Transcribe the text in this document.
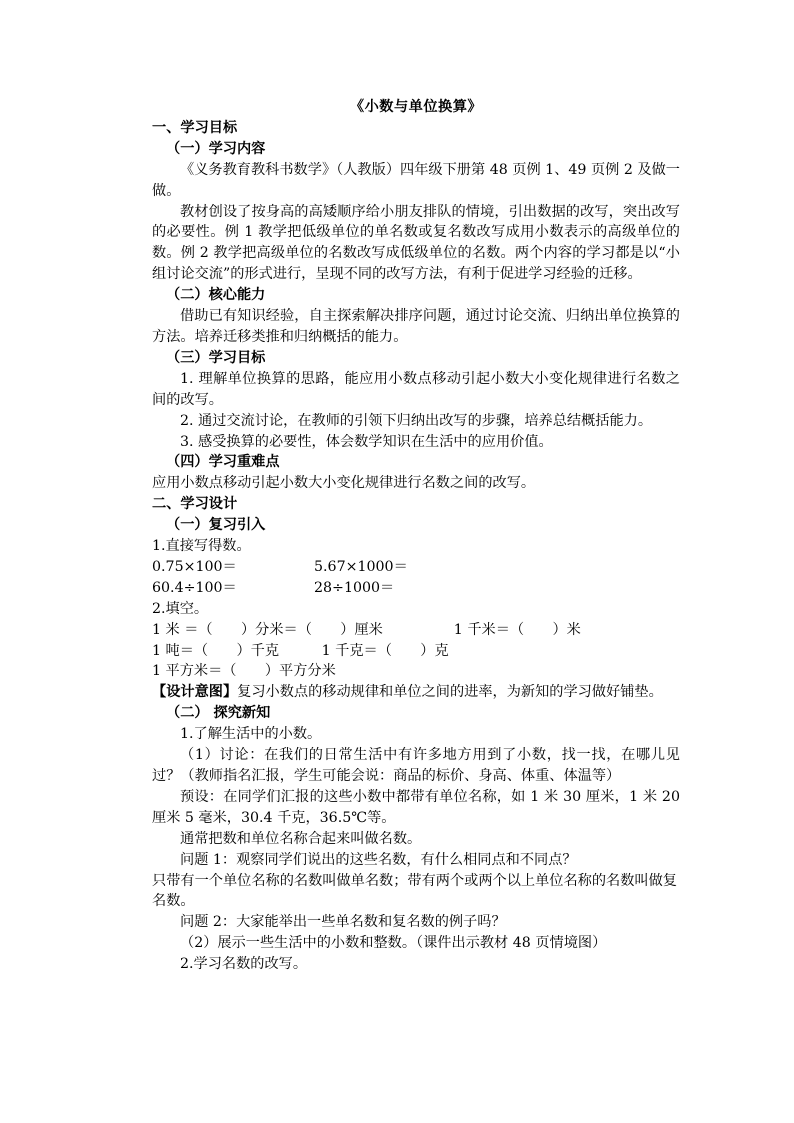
《小数与单位换算》

一、学习目标

（一）学习内容

《义务教育教科书数学》（人教版）四年级下册第 48 页例 1、49 页例 2 及做一做。

教材创设了按身高的高矮顺序给小朋友排队的情境，引出数据的改写，突出改写的必要性。例 1 教学把低级单位的单名数或复名数改写成用小数表示的高级单位的数。例 2 教学把高级单位的名数改写成低级单位的名数。两个内容的学习都是以“小组讨论交流”的形式进行，呈现不同的改写方法，有利于促进学习经验的迁移。

（二）核心能力

借助已有知识经验，自主探索解决排序问题，通过讨论交流、归纳出单位换算的方法。培养迁移类推和归纳概括的能力。

（三）学习目标

1. 理解单位换算的思路，能应用小数点移动引起小数大小变化规律进行名数之间的改写。

2. 通过交流讨论，在教师的引领下归纳出改写的步骤，培养总结概括能力。

3. 感受换算的必要性，体会数学知识在生活中的应用价值。

（四）学习重难点

应用小数点移动引起小数大小变化规律进行名数之间的改写。

二、学习设计

（一）复习引入

1.直接写得数。

0.75×100＝	5.67×1000＝
60.4÷100＝	28÷1000＝

2.填空。

1 米 ＝（　　）分米＝（　　）厘米　　　　　1 千米＝（　　）米

1 吨＝（　　）千克　　　1 千克＝（　　）克

1 平方米＝（　　）平方分米

【设计意图】复习小数点的移动规律和单位之间的进率，为新知的学习做好铺垫。

（二） 探究新知

1.了解生活中的小数。

（1）讨论：在我们的日常生活中有许多地方用到了小数，找一找，在哪儿见过？（教师指名汇报，学生可能会说：商品的标价、身高、体重、体温等）

预设：在同学们汇报的这些小数中都带有单位名称，如 1 米 30 厘米，1 米 20 厘米 5 毫米，30.4 千克，36.5℃等。

通常把数和单位名称合起来叫做名数。

问题 1：观察同学们说出的这些名数，有什么相同点和不同点？

只带有一个单位名称的名数叫做单名数；带有两个或两个以上单位名称的名数叫做复名数。

问题 2：大家能举出一些单名数和复名数的例子吗？

（2）展示一些生活中的小数和整数。（课件出示教材 48 页情境图）

2.学习名数的改写。
